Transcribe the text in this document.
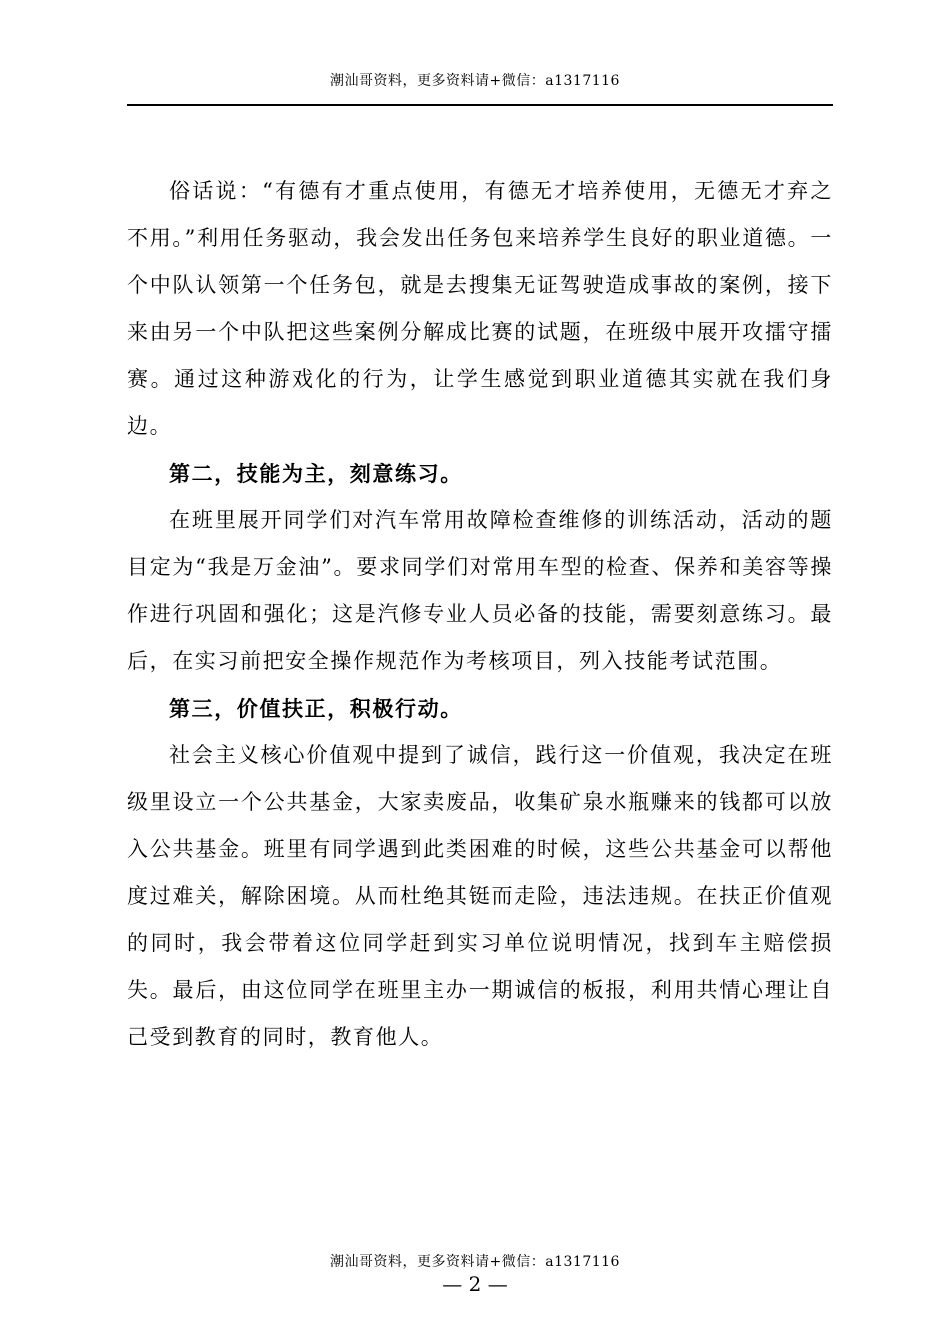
潮汕哥资料，更多资料请+微信：a1317116

俗话说：“有德有才重点使用，有德无才培养使用，无德无才弃之不用。”利用任务驱动，我会发出任务包来培养学生良好的职业道德。一个中队认领第一个任务包，就是去搜集无证驾驶造成事故的案例，接下来由另一个中队把这些案例分解成比赛的试题，在班级中展开攻擂守擂赛。通过这种游戏化的行为，让学生感觉到职业道德其实就在我们身边。

第二，技能为主，刻意练习。

在班里展开同学们对汽车常用故障检查维修的训练活动，活动的题目定为“我是万金油”。要求同学们对常用车型的检查、保养和美容等操作进行巩固和强化；这是汽修专业人员必备的技能，需要刻意练习。最后，在实习前把安全操作规范作为考核项目，列入技能考试范围。

第三，价值扶正，积极行动。

社会主义核心价值观中提到了诚信，践行这一价值观，我决定在班级里设立一个公共基金，大家卖废品，收集矿泉水瓶赚来的钱都可以放入公共基金。班里有同学遇到此类困难的时候，这些公共基金可以帮他度过难关，解除困境。从而杜绝其铤而走险，违法违规。在扶正价值观的同时，我会带着这位同学赶到实习单位说明情况，找到车主赔偿损失。最后，由这位同学在班里主办一期诚信的板报，利用共情心理让自己受到教育的同时，教育他人。

潮汕哥资料，更多资料请+微信：a1317116
— 2 —
